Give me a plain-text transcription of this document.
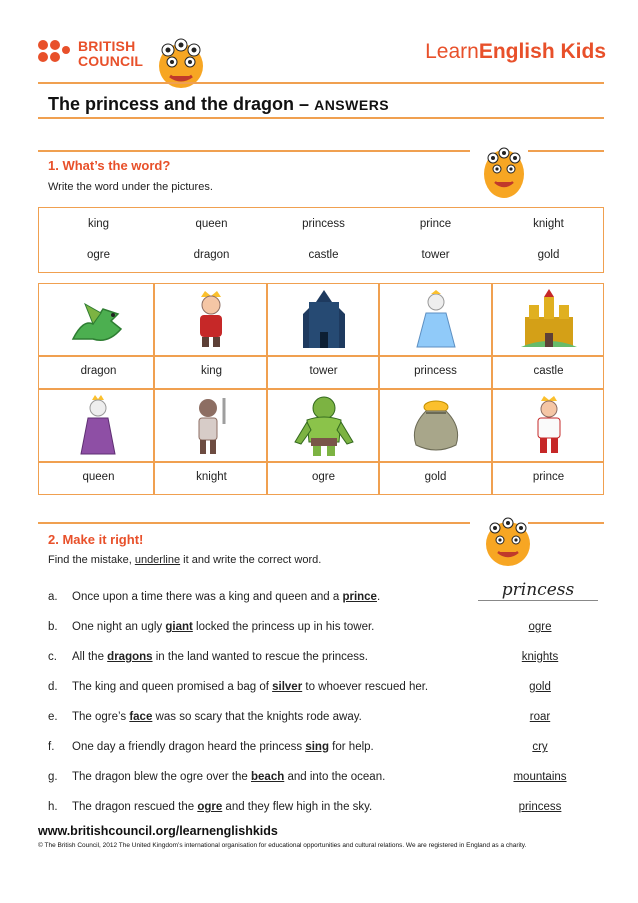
BRITISH
COUNCIL	LearnEnglish Kids
The princess and the dragon – ANSWERS
1. What’s the word?
Write the word under the pictures.
king	queen	princess	prince	knight
ogre	dragon	castle	tower	gold
dragon	king	tower	princess	castle
queen	knight	ogre	gold	prince
2. Make it right!
Find the mistake, underline it and write the correct word.
a. Once upon a time there was a king and queen and a prince.	princess
b. One night an ugly giant locked the princess up in his tower.	ogre
c. All the dragons in the land wanted to rescue the princess.	knights
d. The king and queen promised a bag of silver to whoever rescued her.	gold
e. The ogre’s face was so scary that the knights rode away.	roar
f. One day a friendly dragon heard the princess sing for help.	cry
g. The dragon blew the ogre over the beach and into the ocean.	mountains
h. The dragon rescued the ogre and they flew high in the sky.	princess
www.britishcouncil.org/learnenglishkids
© The British Council, 2012 The United Kingdom’s international organisation for educational opportunities and cultural relations. We are registered in England as a charity.
